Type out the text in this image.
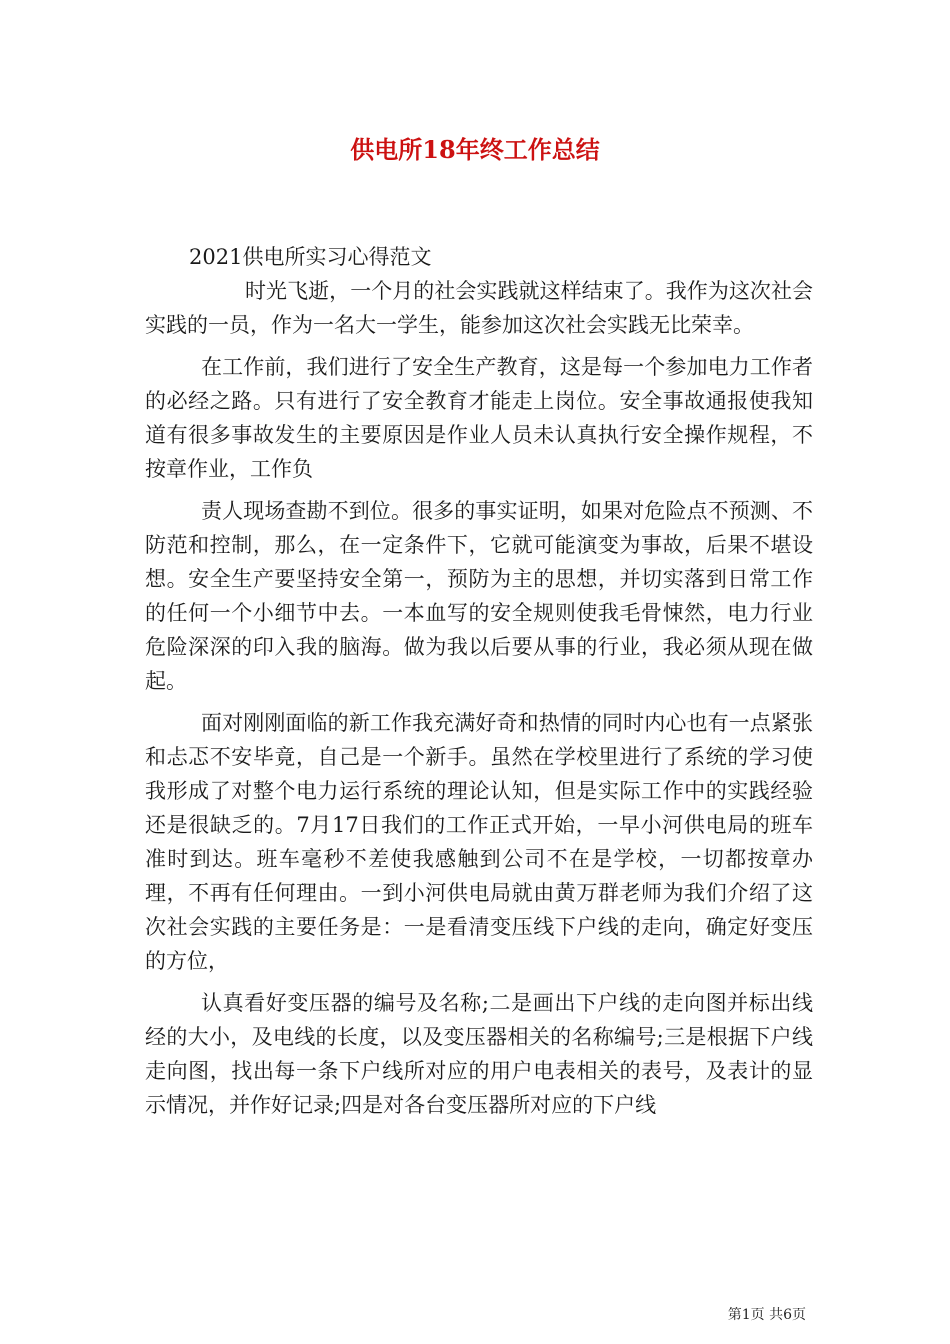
供电所18年终工作总结

2021供电所实习心得范文

时光飞逝，一个月的社会实践就这样结束了。我作为这次社会实践的一员，作为一名大一学生，能参加这次社会实践无比荣幸。

在工作前，我们进行了安全生产教育，这是每一个参加电力工作者的必经之路。只有进行了安全教育才能走上岗位。安全事故通报使我知道有很多事故发生的主要原因是作业人员未认真执行安全操作规程，不按章作业，工作负

责人现场查勘不到位。很多的事实证明，如果对危险点不预测、不防范和控制，那么，在一定条件下，它就可能演变为事故，后果不堪设想。安全生产要坚持安全第一，预防为主的思想，并切实落到日常工作的任何一个小细节中去。一本血写的安全规则使我毛骨悚然，电力行业危险深深的印入我的脑海。做为我以后要从事的行业，我必须从现在做起。

面对刚刚面临的新工作我充满好奇和热情的同时内心也有一点紧张和忐忑不安毕竟，自己是一个新手。虽然在学校里进行了系统的学习使我形成了对整个电力运行系统的理论认知，但是实际工作中的实践经验还是很缺乏的。7月17日我们的工作正式开始，一早小河供电局的班车准时到达。班车毫秒不差使我感触到公司不在是学校，一切都按章办理，不再有任何理由。一到小河供电局就由黄万群老师为我们介绍了这次社会实践的主要任务是：一是看清变压线下户线的走向，确定好变压的方位，

认真看好变压器的编号及名称;二是画出下户线的走向图并标出线经的大小，及电线的长度，以及变压器相关的名称编号;三是根据下户线走向图，找出每一条下户线所对应的用户电表相关的表号，及表计的显示情况，并作好记录;四是对各台变压器所对应的下户线

第1页 共6页
